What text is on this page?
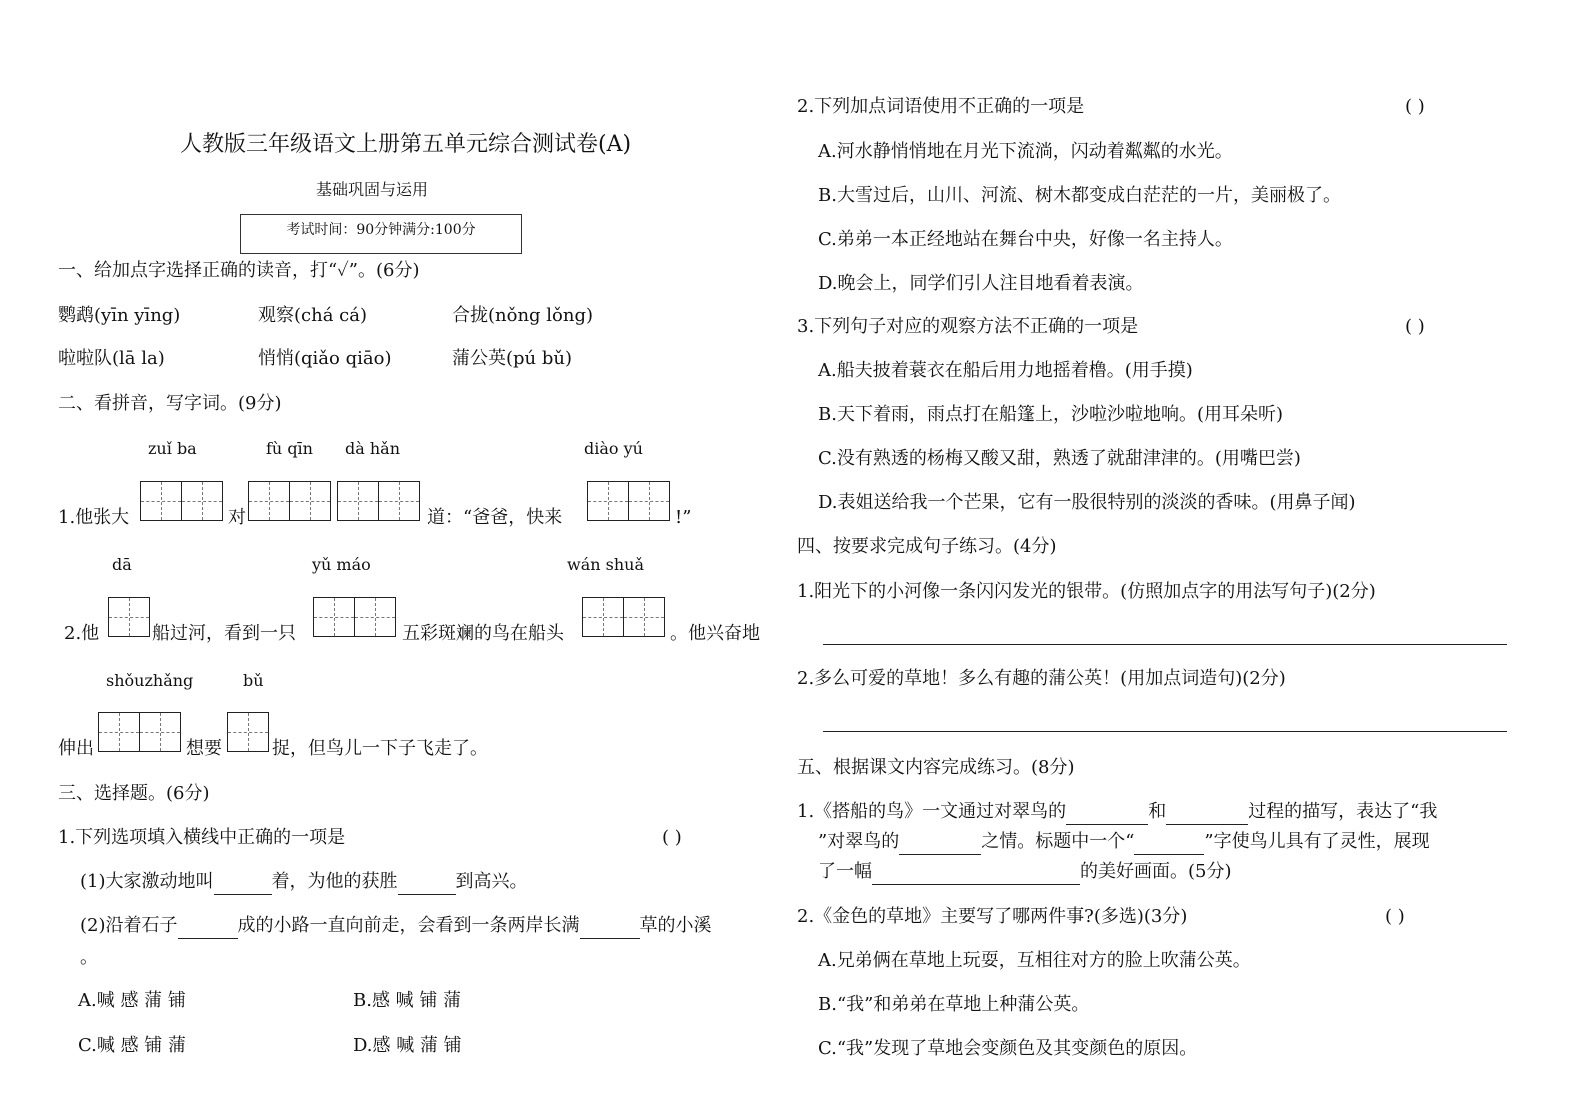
人教版三年级语文上册第五单元综合测试卷(A)
基础巩固与运用
考试时间：90分钟满分:100分
一、给加点字选择正确的读音，打“✓”。(6分)
鹦鹉(yīn yīng)	观察(chá cá)	合拢(nǒng lǒng)
啦啦队(lā la)	悄悄(qiǎo qiāo)	蒲公英(pú bǔ)
二、看拼音，写字词。(9分)
zuǐ ba	fù qīn dà hǎn	diào yú
1.他张大	对	道：“爸爸，快来	!”
dā	yǔ máo	wán shuǎ
2.他	船过河，看到一只	五彩斑斓的鸟在船头	。他兴奋地
shǒuzhǎng	bǔ
伸出	想要	捉，但鸟儿一下子飞走了。
三、选择题。(6分)
1.下列选项填入横线中正确的一项是	( )
(1)大家激动地叫	着，为他的获胜	到高兴。
(2)沿着石子	成的小路一直向前走，会看到一条两岸长满	草的小溪
。
A.喊 感 蒲 铺	B.感 喊 铺 蒲
C.喊 感 铺 蒲	D.感 喊 蒲 铺
2.下列加点词语使用不正确的一项是	( )
A.河水静悄悄地在月光下流淌，闪动着粼粼的水光。
B.大雪过后，山川、河流、树木都变成白茫茫的一片，美丽极了。
C.弟弟一本正经地站在舞台中央，好像一名主持人。
D.晚会上，同学们引人注目地看着表演。
3.下列句子对应的观察方法不正确的一项是	( )
A.船夫披着蓑衣在船后用力地摇着橹。(用手摸)
B.天下着雨，雨点打在船篷上，沙啦沙啦地响。(用耳朵听)
C.没有熟透的杨梅又酸又甜，熟透了就甜津津的。(用嘴巴尝)
D.表姐送给我一个芒果，它有一股很特别的淡淡的香味。(用鼻子闻)
四、按要求完成句子练习。(4分)
1.阳光下的小河像一条闪闪发光的银带。(仿照加点字的用法写句子)(2分)
2.多么可爱的草地！多么有趣的蒲公英！(用加点词造句)(2分)
五、根据课文内容完成练习。(8分)
1.《搭船的鸟》一文通过对翠鸟的	和	过程的描写，表达了“我
”对翠鸟的	之情。标题中一个“	”字使鸟儿具有了灵性，展现
了一幅	的美好画面。(5分)
2.《金色的草地》主要写了哪两件事?(多选)(3分)	( )
A.兄弟俩在草地上玩耍，互相往对方的脸上吹蒲公英。
B.“我”和弟弟在草地上种蒲公英。
C.“我”发现了草地会变颜色及其变颜色的原因。
